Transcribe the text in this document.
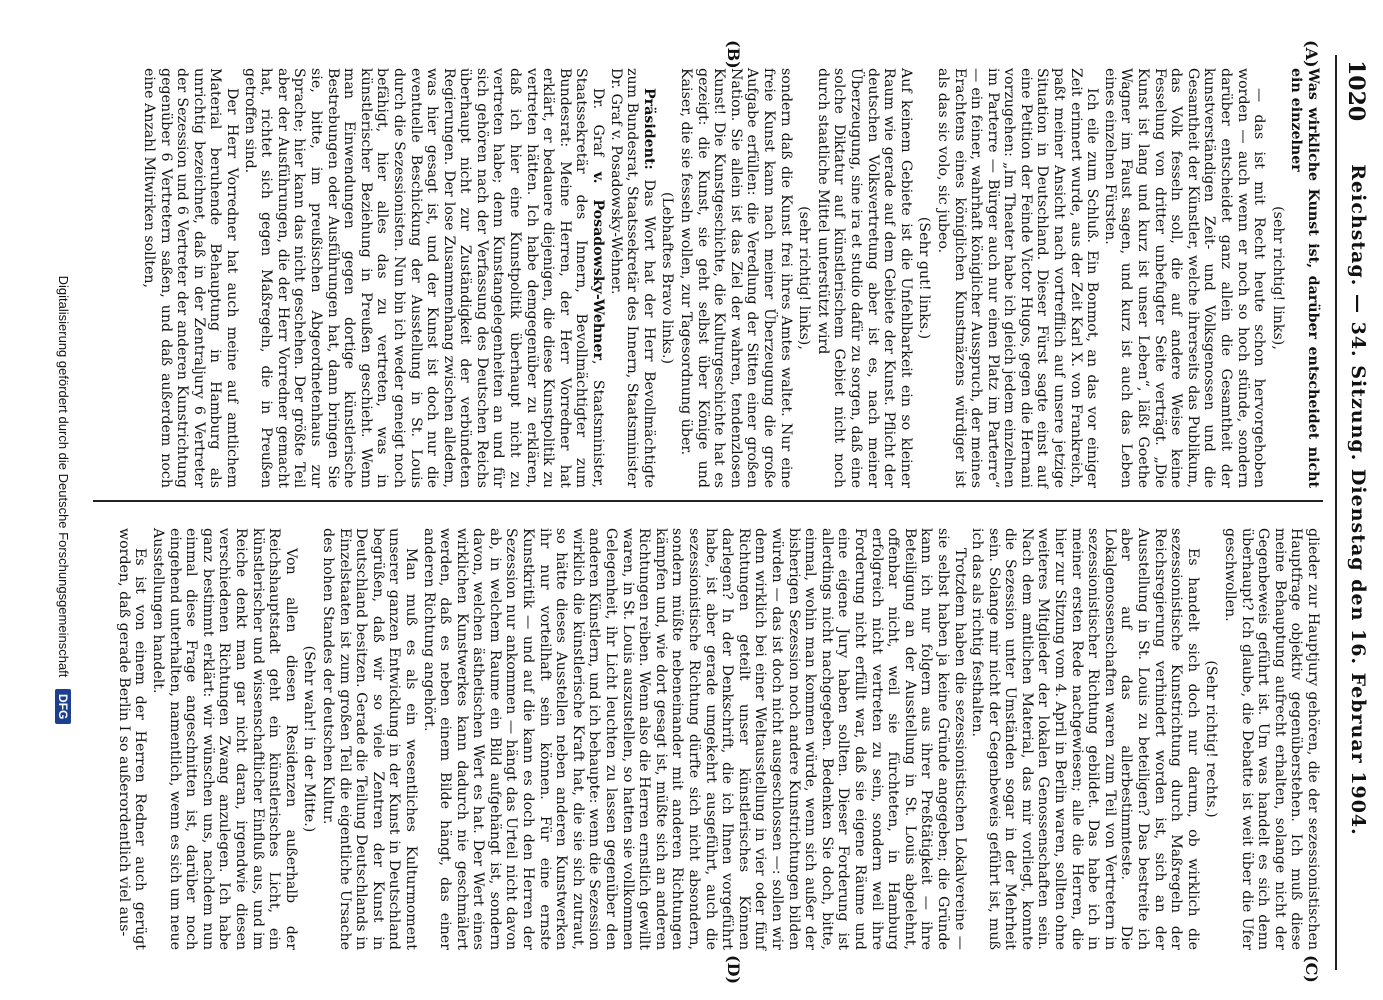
1020
Reichstag. — 34. Sitzung. Dienstag den 16. Februar 1904.
(A)
(B)
(C)
(D)

Was wirkliche Kunst ist, darüber entscheidet nicht ein einzelner

(sehr richtig! links),

— das ist mit Recht heute schon hervorgehoben worden — auch wenn er noch so hoch stünde, sondern darüber entscheidet ganz allein die Gesamtheit der kunstverständigen Zeit- und Volksgenossen und die Gesamtheit der Künstler, welche ihrerseits das Publikum, das Volk fesseln soll, die auf andere Weise keine Fesselung von dritter unbefugter Seite verträgt. „Die Kunst ist lang und kurz ist unser Leben“, läßt Goethe Wagner im Faust sagen, und kurz ist auch das Leben eines einzelnen Fürsten.

Ich eile zum Schluß. Ein Bonmot, an das vor einiger Zeit erinnert wurde, aus der Zeit Karl X. von Frankreich, paßt meiner Ansicht nach vortrefflich auf unsere jetzige Situation in Deutschland. Dieser Fürst sagte einst auf eine Petition der Feinde Victor Hugos, gegen die Hernani vorzugehen: „Im Theater habe ich gleich jedem einzelnen im Parterre — Bürger auch nur einen Platz im Parterre“ — ein feiner, wahrhaft königlicher Ausspruch, der meines Erachtens eines königlichen Kunstmäzens würdiger ist als das sic volo, sic jubeo.

(Sehr gut! links.)

Auf keinem Gebiete ist die Unfehlbarkeit ein so kleiner Raum wie gerade auf dem Gebiete der Kunst. Pflicht der deutschen Volksvertretung aber ist es, nach meiner Überzeugung, sine ira et studio dafür zu sorgen, daß eine solche Diktatur auf künstlerischem Gebiet nicht noch durch staatliche Mittel unterstützt wird

(sehr richtig! links),

sondern daß die Kunst frei ihres Amtes waltet. Nur eine freie Kunst kann nach meiner Überzeugung die große Aufgabe erfüllen: die Veredlung der Sitten einer großen Nation. Sie allein ist das Ziel der wahren, tendenzlosen Kunst! Die Kunstgeschichte, die Kulturgeschichte hat es gezeigt: die Kunst, sie geht selbst über Könige und Kaiser, die sie fesseln wollen, zur Tagesordnung über.

(Lebhaftes Bravo links.)

Präsident: Das Wort hat der Herr Bevollmächtigte zum Bundesrat, Staatssekretär des Innern, Staatsminister Dr. Graf v. Posadowsky-Wehner.

Dr. Graf v. Posadowsky-Wehner, Staatsminister, Staatssekretär des Innern, Bevollmächtigter zum Bundesrat: Meine Herren, der Herr Vorredner hat erklärt, er bedauere diejenigen, die diese Kunstpolitik zu vertreten hätten. Ich habe demgegenüber zu erklären, daß ich hier eine Kunstpolitik überhaupt nicht zu vertreten habe; denn Kunstangelegenheiten an und für sich gehören nach der Verfassung des Deutschen Reichs überhaupt nicht zur Zuständigkeit der verbündeten Regierungen. Der lose Zusammenhang zwischen alledem, was hier gesagt ist, und der Kunst ist doch nur die eventuelle Beschickung der Ausstellung in St. Louis durch die Sezessionisten. Nun bin ich weder geneigt noch befähigt, hier alles das zu vertreten, was in künstlerischer Beziehung in Preußen geschieht. Wenn man Einwendungen gegen dortige künstlerische Bestrebungen oder Ausführungen hat, dann bringen Sie sie, bitte, im preußischen Abgeordnetenhaus zur Sprache; hier kann das nicht geschehen. Der größte Teil aber der Ausführungen, die der Herr Vorredner gemacht hat, richtet sich gegen Maßregeln, die in Preußen getroffen sind.

Der Herr Vorredner hat auch meine auf amtlichem Material beruhende Behauptung in Hamburg als unrichtig bezeichnet, daß in der Zentraljury 6 Vertreter der Sezession und 6 Vertreter der anderen Kunstrichtung gegenüber 6 Vertretern saßen, und daß außerdem noch eine Anzahl Mitwirken sollten,

glieder zur Hauptjury gehören, die der sezessionistischen Hauptfrage objektiv gegenüberstehen. Ich muß diese meine Behauptung aufrecht erhalten, solange nicht der Gegenbeweis geführt ist. Um was handelt es sich denn überhaupt? Ich glaube, die Debatte ist weit über die Ufer geschwollen.

(Sehr richtig! rechts.)

Es handelt sich doch nur darum, ob wirklich die sezessionistische Kunstrichtung durch Maßregeln der Reichsregierung verhindert worden ist, sich an der Ausstellung in St. Louis zu beteiligen? Das bestreite ich aber auf das allerbestimmteste. Die Lokalgenossenschaften waren zum Teil von Vertretern in sezessionistischer Richtung gebildet. Das habe ich in meiner ersten Rede nachgewiesen; alle die Herren, die hier zur Sitzung vom 4. April in Berlin waren, sollten ohne weiteres Mitglieder der lokalen Genossenschaften sein. Nach dem amtlichen Material, das mir vorliegt, konnte die Sezession unter Umständen sogar in der Mehrheit sein. Solange mir nicht der Gegenbeweis geführt ist, muß ich das als richtig festhalten.

Trotzdem haben die sezessionistischen Lokalvereine — sie selbst haben ja keine Gründe angegeben; die Gründe kann ich nur folgern aus ihrer Preßtätigkeit — ihre Beteiligung an der Ausstellung in St. Louis abgelehnt, offenbar nicht, weil sie fürchteten, in Hamburg erfolgreich nicht vertreten zu sein, sondern weil ihre Forderung nicht erfüllt war, daß sie eigene Räume und eine eigene Jury haben sollten. Dieser Forderung ist allerdings nicht nachgegeben. Bedenken Sie doch, bitte, einmal, wohin man kommen würde, wenn sich außer der bisherigen Sezession noch andere Kunstrichtungen bilden würden — das ist doch nicht ausgeschlossen —: sollen wir denn wirklich bei einer Weltausstellung in vier oder fünf Richtungen geteilt unser künstlerisches Können darlegen? In der Denkschrift, die ich Ihnen vorgeführt habe, ist aber gerade umgekehrt ausgeführt, auch die sezessionistische Richtung dürfte sich nicht absondern, sondern müßte nebeneinander mit anderen Richtungen kämpfen und, wie dort gesagt ist, müßte sich an anderen Richtungen reiben. Wenn also die Herren ernstlich gewillt waren, in St. Louis auszustellen, so hatten sie vollkommen Gelegenheit, ihr Licht leuchten zu lassen gegenüber den anderen Künstlern, und ich behaupte: wenn die Sezession wirklich die künstlerische Kraft hat, die sie sich zutraut, so hätte dieses Ausstellen neben anderen Kunstwerken ihr nur vorteilhaft sein können. Für eine ernste Kunstkritik — und auf die kann es doch den Herren der Sezession nur ankommen — hängt das Urteil nicht davon ab, in welchem Raume ein Bild aufgehängt ist, sondern davon, welchen ästhetischen Wert es hat. Der Wert eines wirklichen Kunstwerkes kann dadurch nie geschmälert werden, daß es neben einem Bilde hängt, das einer anderen Richtung angehört.

Man muß es als ein wesentliches Kulturmoment unserer ganzen Entwicklung in der Kunst in Deutschland begrüßen, daß wir so viele Zentren der Kunst in Deutschland besitzen. Gerade die Teilung Deutschlands in Einzelstaaten ist zum großen Teil die eigentliche Ursache des hohen Standes der deutschen Kultur.

(Sehr wahr! in der Mitte.)

Von allen diesen Residenzen außerhalb der Reichshauptstadt geht ein künstlerisches Licht, ein künstlerischer und wissenschaftlicher Einfluß aus, und im Reiche denkt man gar nicht daran, irgendwie diesen verschiedenen Richtungen Zwang anzulegen. Ich habe ganz bestimmt erklärt: wir wünschen uns, nachdem nun einmal diese Frage angeschnitten ist, darüber noch eingehend unterhalten, namentlich, wenn es sich um neue Ausstellungen handelt.

Es ist von einem der Herren Redner auch gerügt worden, daß gerade Berlin I so außerordentlich viel aus-

Digitalisierung gefördert durch die Deutsche Forschungsgemeinschaft DFG
